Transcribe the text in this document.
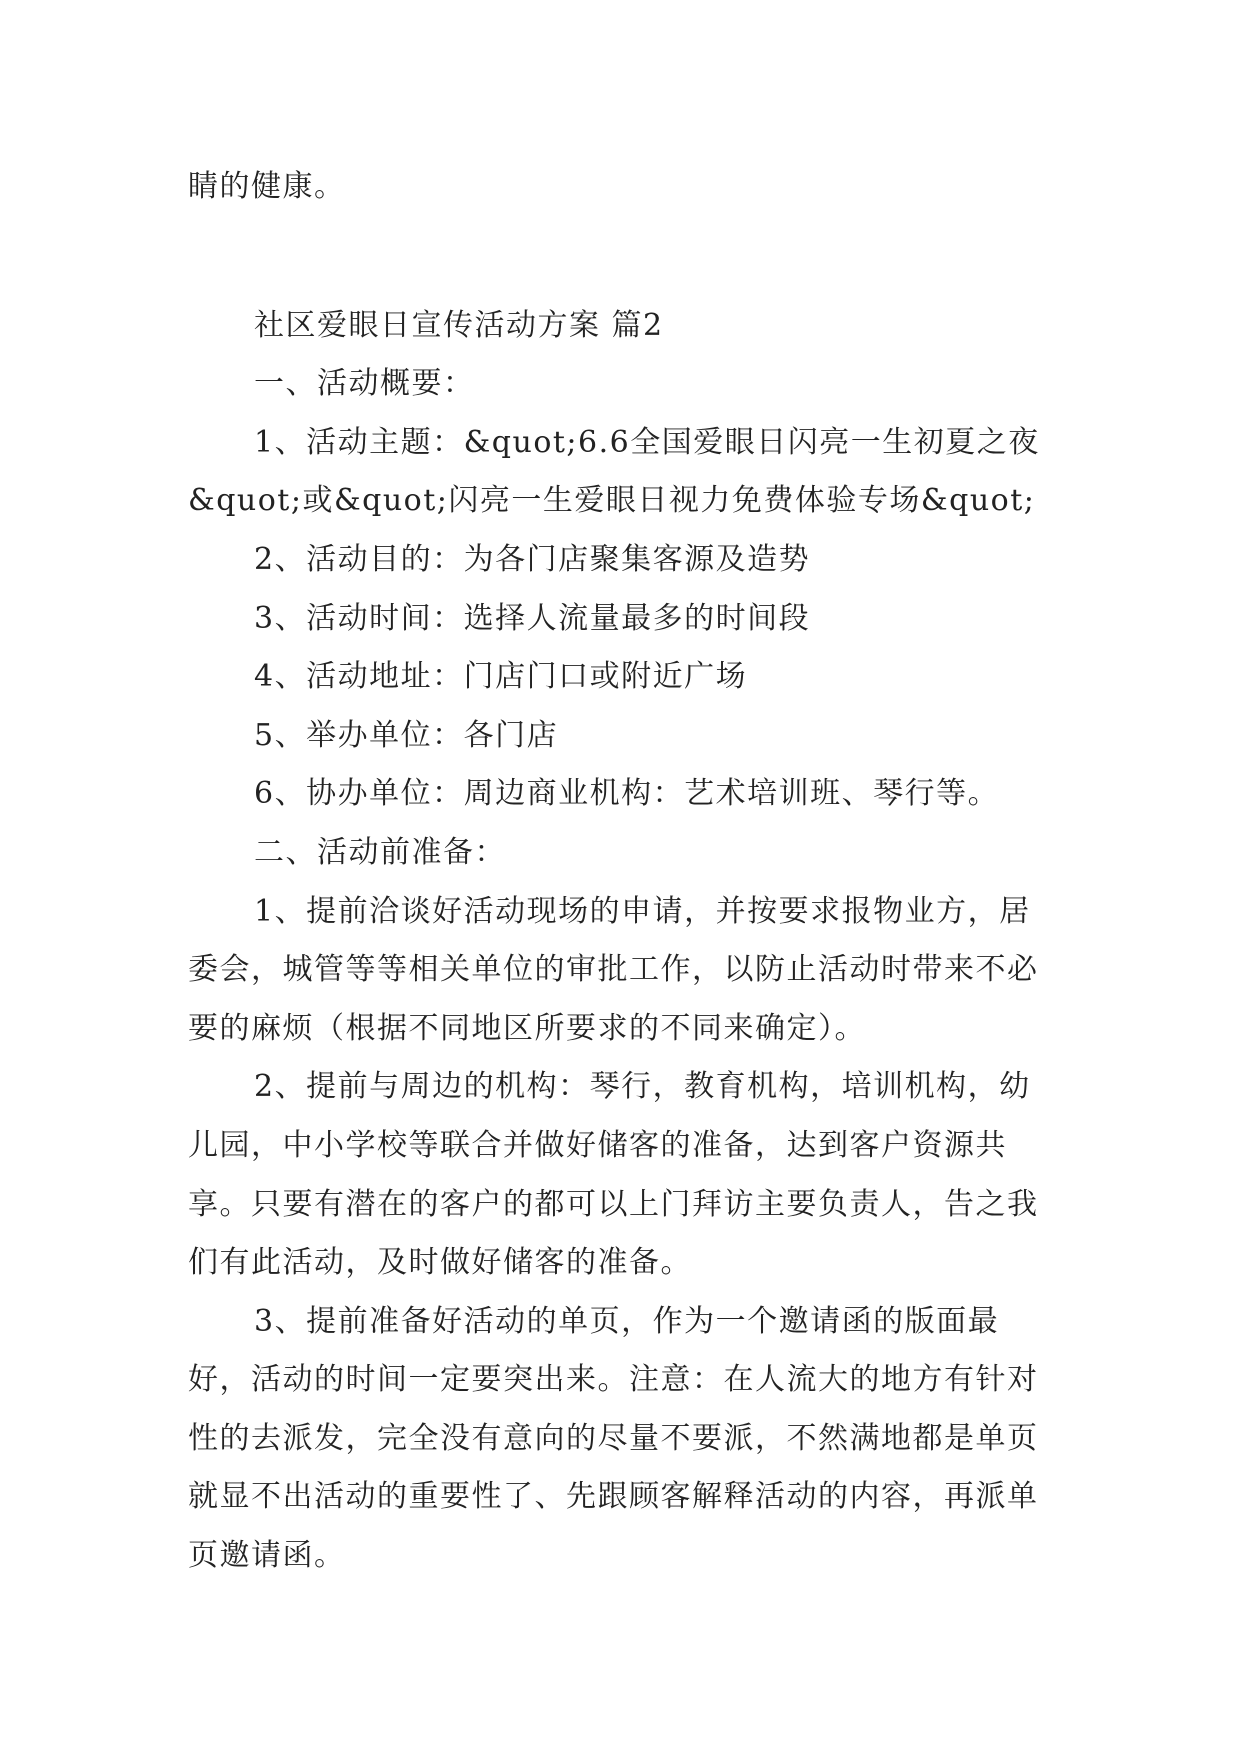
睛的健康。

社区爱眼日宣传活动方案 篇2

一、活动概要：

1、活动主题：&quot;6.6全国爱眼日闪亮一生初夏之夜&quot;或&quot;闪亮一生爱眼日视力免费体验专场&quot;

2、活动目的：为各门店聚集客源及造势

3、活动时间：选择人流量最多的时间段

4、活动地址：门店门口或附近广场

5、举办单位：各门店

6、协办单位：周边商业机构：艺术培训班、琴行等。

二、活动前准备：

1、提前洽谈好活动现场的申请，并按要求报物业方，居委会，城管等等相关单位的审批工作，以防止活动时带来不必要的麻烦（根据不同地区所要求的不同来确定）。

2、提前与周边的机构：琴行，教育机构，培训机构，幼儿园，中小学校等联合并做好储客的准备，达到客户资源共享。只要有潜在的客户的都可以上门拜访主要负责人，告之我们有此活动，及时做好储客的准备。

3、提前准备好活动的单页，作为一个邀请函的版面最好，活动的时间一定要突出来。注意：在人流大的地方有针对性的去派发，完全没有意向的尽量不要派，不然满地都是单页就显不出活动的重要性了、先跟顾客解释活动的内容，再派单页邀请函。
